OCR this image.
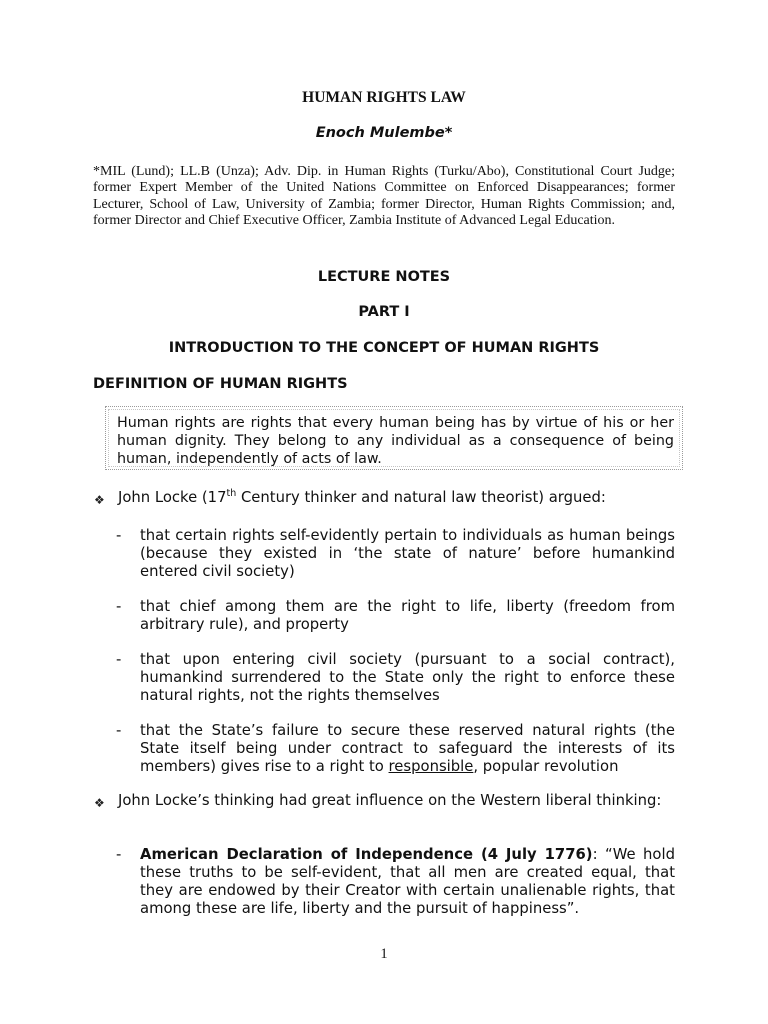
HUMAN RIGHTS LAW
Enoch Mulembe*
*MIL (Lund); LL.B (Unza); Adv. Dip. in Human Rights (Turku/Abo), Constitutional Court Judge; former Expert Member of the United Nations Committee on Enforced Disappearances; former Lecturer, School of Law, University of Zambia; former Director, Human Rights Commission; and, former Director and Chief Executive Officer, Zambia Institute of Advanced Legal Education.
LECTURE NOTES
PART I
INTRODUCTION TO THE CONCEPT OF HUMAN RIGHTS
DEFINITION OF HUMAN RIGHTS
Human rights are rights that every human being has by virtue of his or her human dignity. They belong to any individual as a consequence of being human, independently of acts of law.
❖ John Locke (17th Century thinker and natural law theorist) argued:
- that certain rights self-evidently pertain to individuals as human beings (because they existed in ‘the state of nature’ before humankind entered civil society)
- that chief among them are the right to life, liberty (freedom from arbitrary rule), and property
- that upon entering civil society (pursuant to a social contract), humankind surrendered to the State only the right to enforce these natural rights, not the rights themselves
- that the State’s failure to secure these reserved natural rights (the State itself being under contract to safeguard the interests of its members) gives rise to a right to responsible, popular revolution
❖ John Locke’s thinking had great influence on the Western liberal thinking:
- American Declaration of Independence (4 July 1776): “We hold these truths to be self-evident, that all men are created equal, that they are endowed by their Creator with certain unalienable rights, that among these are life, liberty and the pursuit of happiness”.
1
